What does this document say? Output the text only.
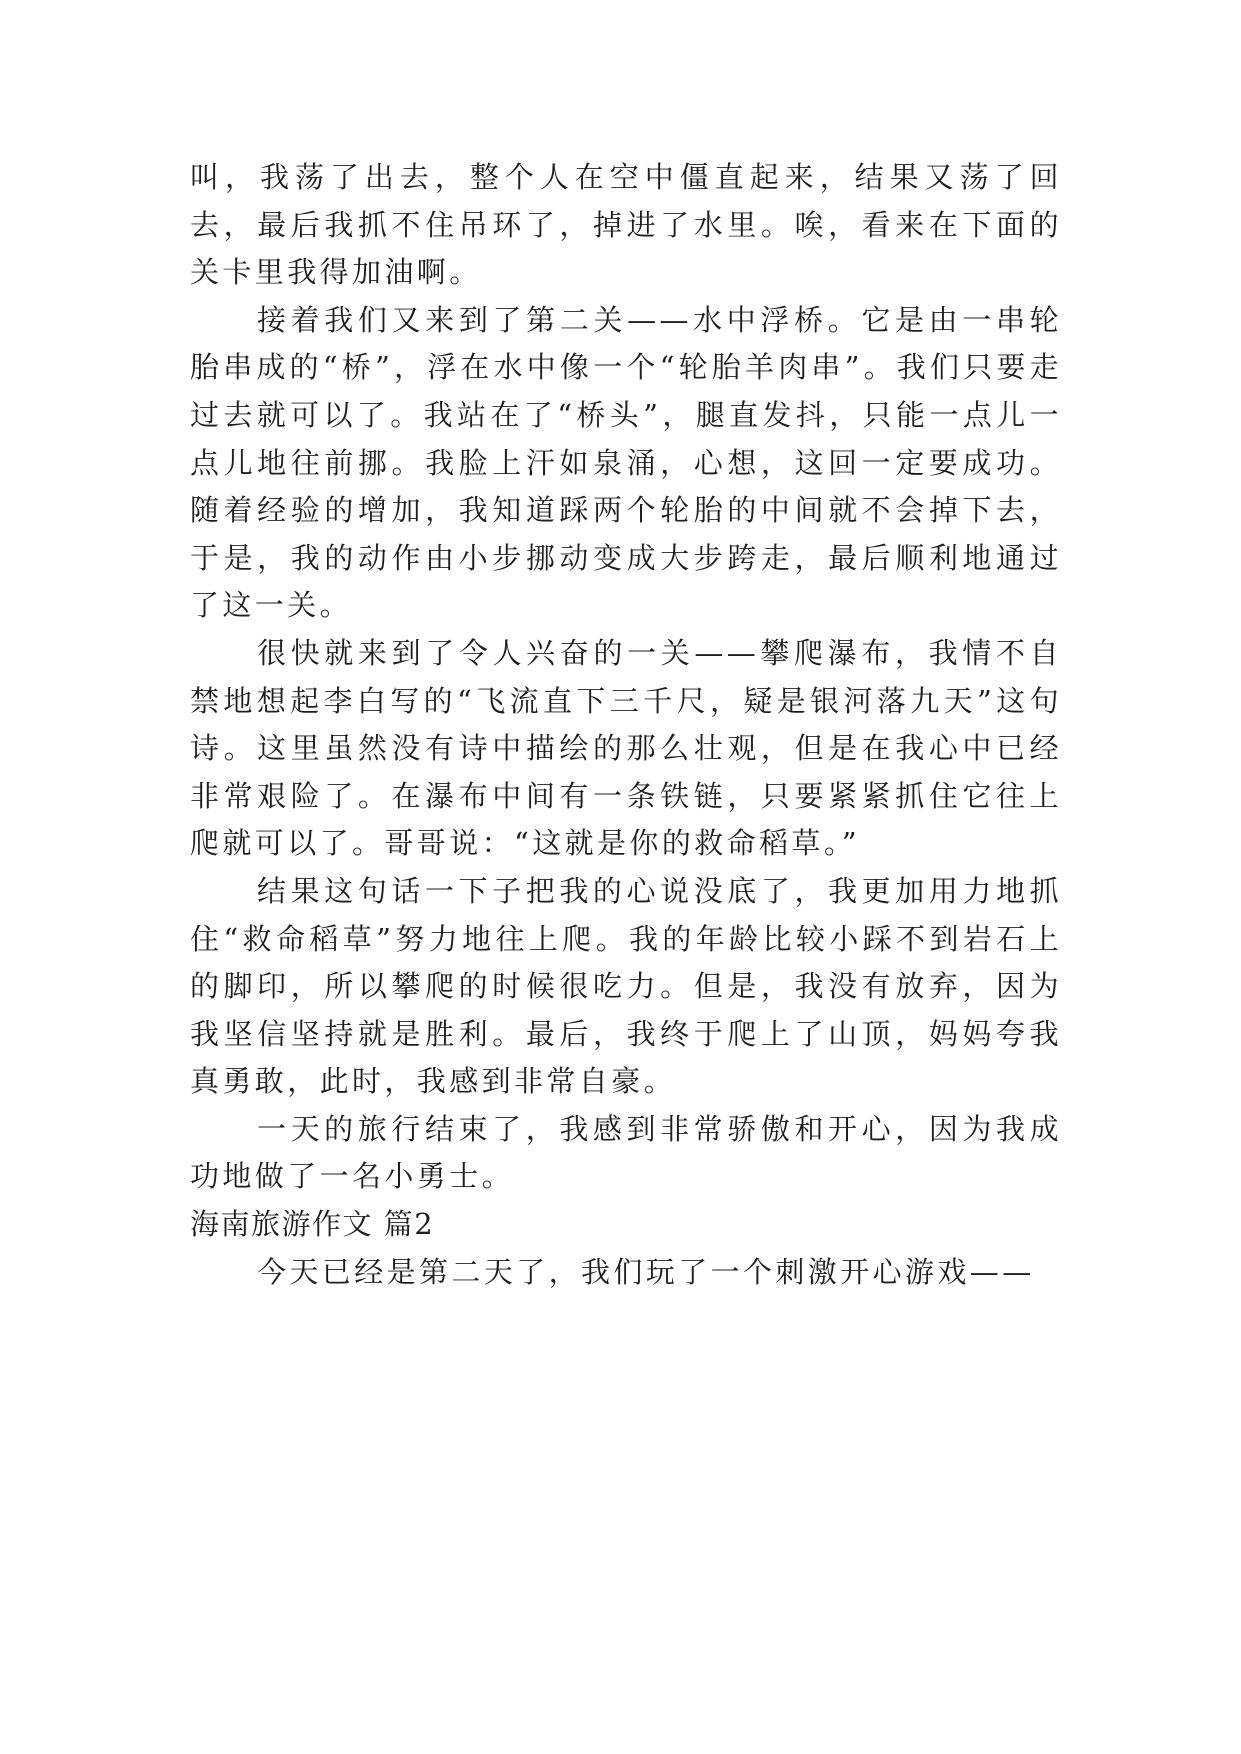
叫，我荡了出去，整个人在空中僵直起来，结果又荡了回去，最后我抓不住吊环了，掉进了水里。唉，看来在下面的关卡里我得加油啊。

接着我们又来到了第二关——水中浮桥。它是由一串轮胎串成的“桥”，浮在水中像一个“轮胎羊肉串”。我们只要走过去就可以了。我站在了“桥头”，腿直发抖，只能一点儿一点儿地往前挪。我脸上汗如泉涌，心想，这回一定要成功。随着经验的增加，我知道踩两个轮胎的中间就不会掉下去，于是，我的动作由小步挪动变成大步跨走，最后顺利地通过了这一关。

很快就来到了令人兴奋的一关——攀爬瀑布，我情不自禁地想起李白写的“飞流直下三千尺，疑是银河落九天”这句诗。这里虽然没有诗中描绘的那么壮观，但是在我心中已经非常艰险了。在瀑布中间有一条铁链，只要紧紧抓住它往上爬就可以了。哥哥说：“这就是你的救命稻草。”

结果这句话一下子把我的心说没底了，我更加用力地抓住“救命稻草”努力地往上爬。我的年龄比较小踩不到岩石上的脚印，所以攀爬的时候很吃力。但是，我没有放弃，因为我坚信坚持就是胜利。最后，我终于爬上了山顶，妈妈夸我真勇敢，此时，我感到非常自豪。

一天的旅行结束了，我感到非常骄傲和开心，因为我成功地做了一名小勇士。

海南旅游作文 篇2

今天已经是第二天了，我们玩了一个刺激开心游戏——
